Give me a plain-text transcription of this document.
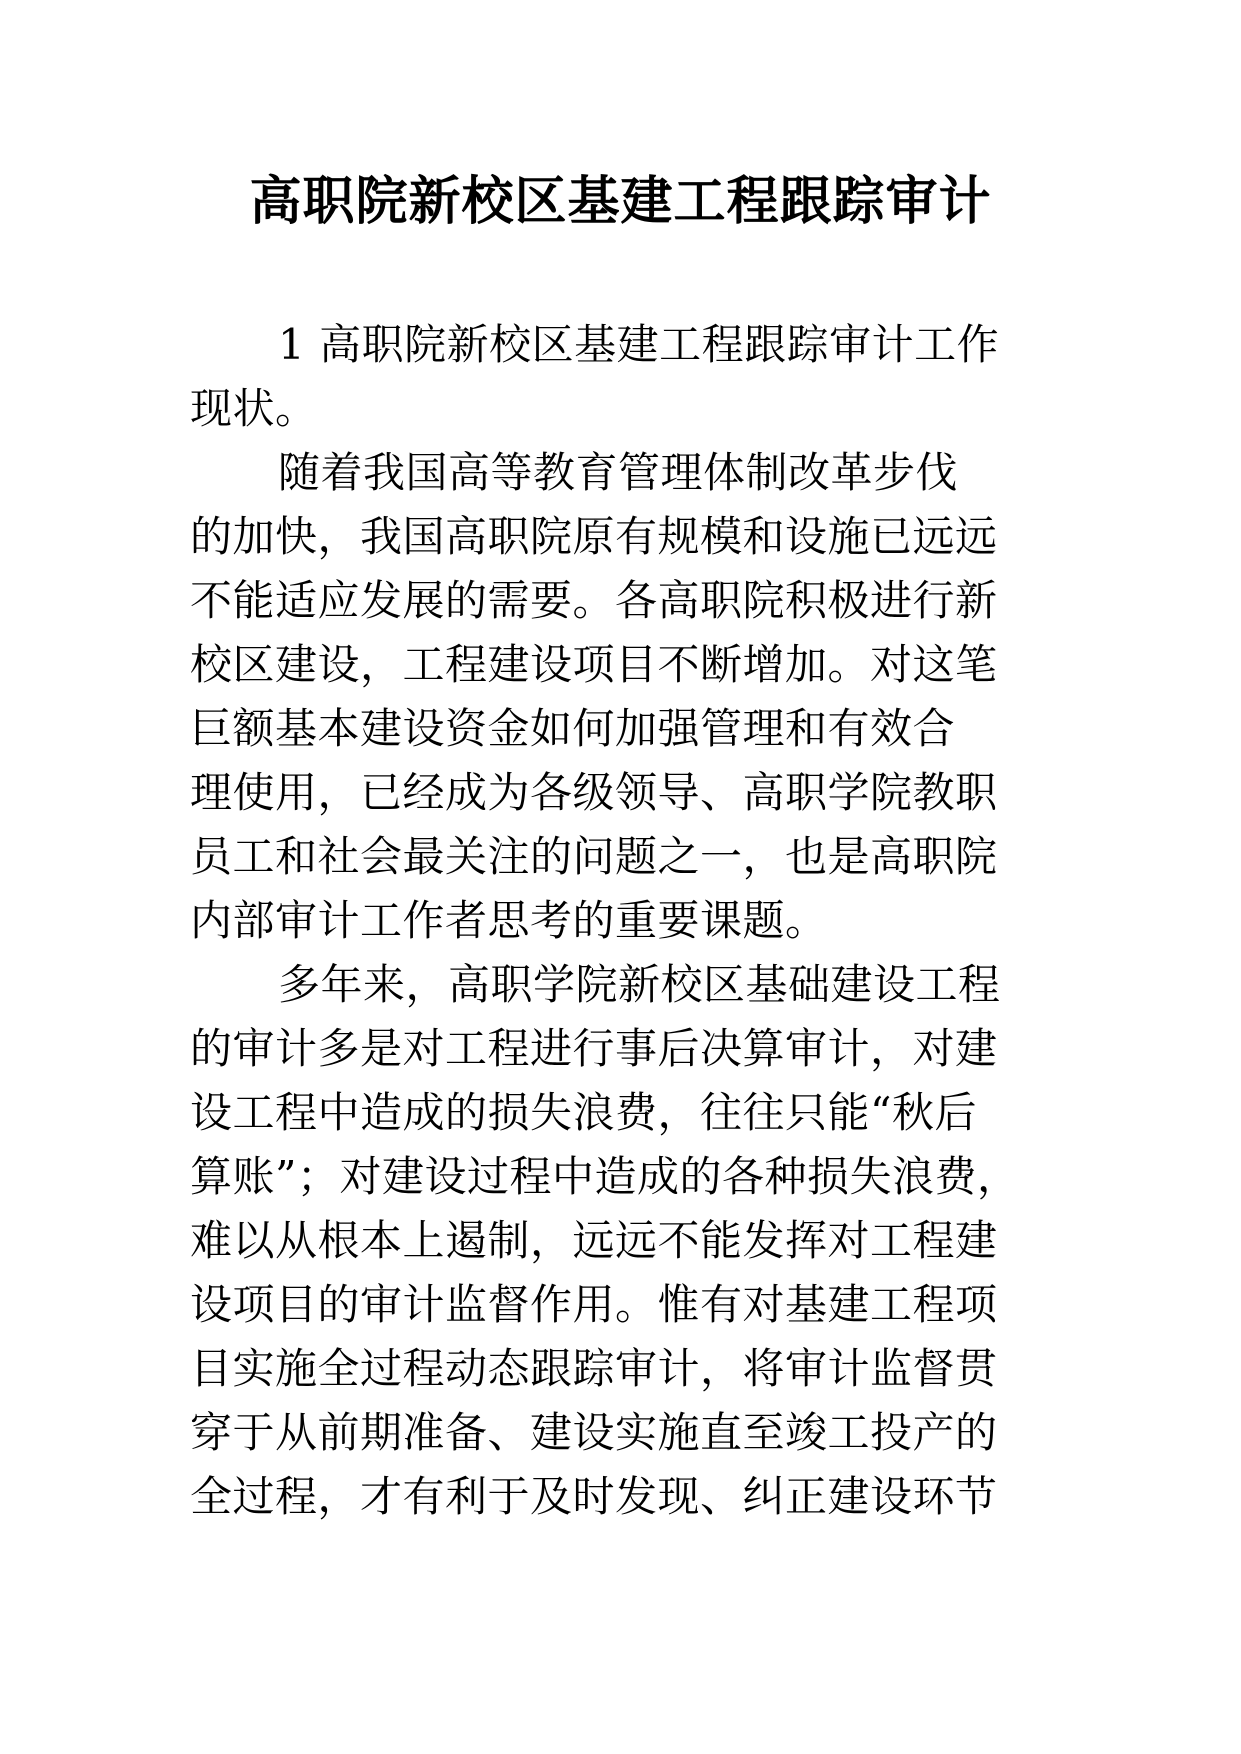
高职院新校区基建工程跟踪审计
1 高职院新校区基建工程跟踪审计工作
现状。
随着我国高等教育管理体制改革步伐
的加快，我国高职院原有规模和设施已远远
不能适应发展的需要。各高职院积极进行新
校区建设，工程建设项目不断增加。对这笔
巨额基本建设资金如何加强管理和有效合
理使用，已经成为各级领导、高职学院教职
员工和社会最关注的问题之一，也是高职院
内部审计工作者思考的重要课题。
多年来，高职学院新校区基础建设工程
的审计多是对工程进行事后决算审计，对建
设工程中造成的损失浪费，往往只能“秋后
算账”；对建设过程中造成的各种损失浪费，
难以从根本上遏制，远远不能发挥对工程建
设项目的审计监督作用。惟有对基建工程项
目实施全过程动态跟踪审计，将审计监督贯
穿于从前期准备、建设实施直至竣工投产的
全过程，才有利于及时发现、纠正建设环节
